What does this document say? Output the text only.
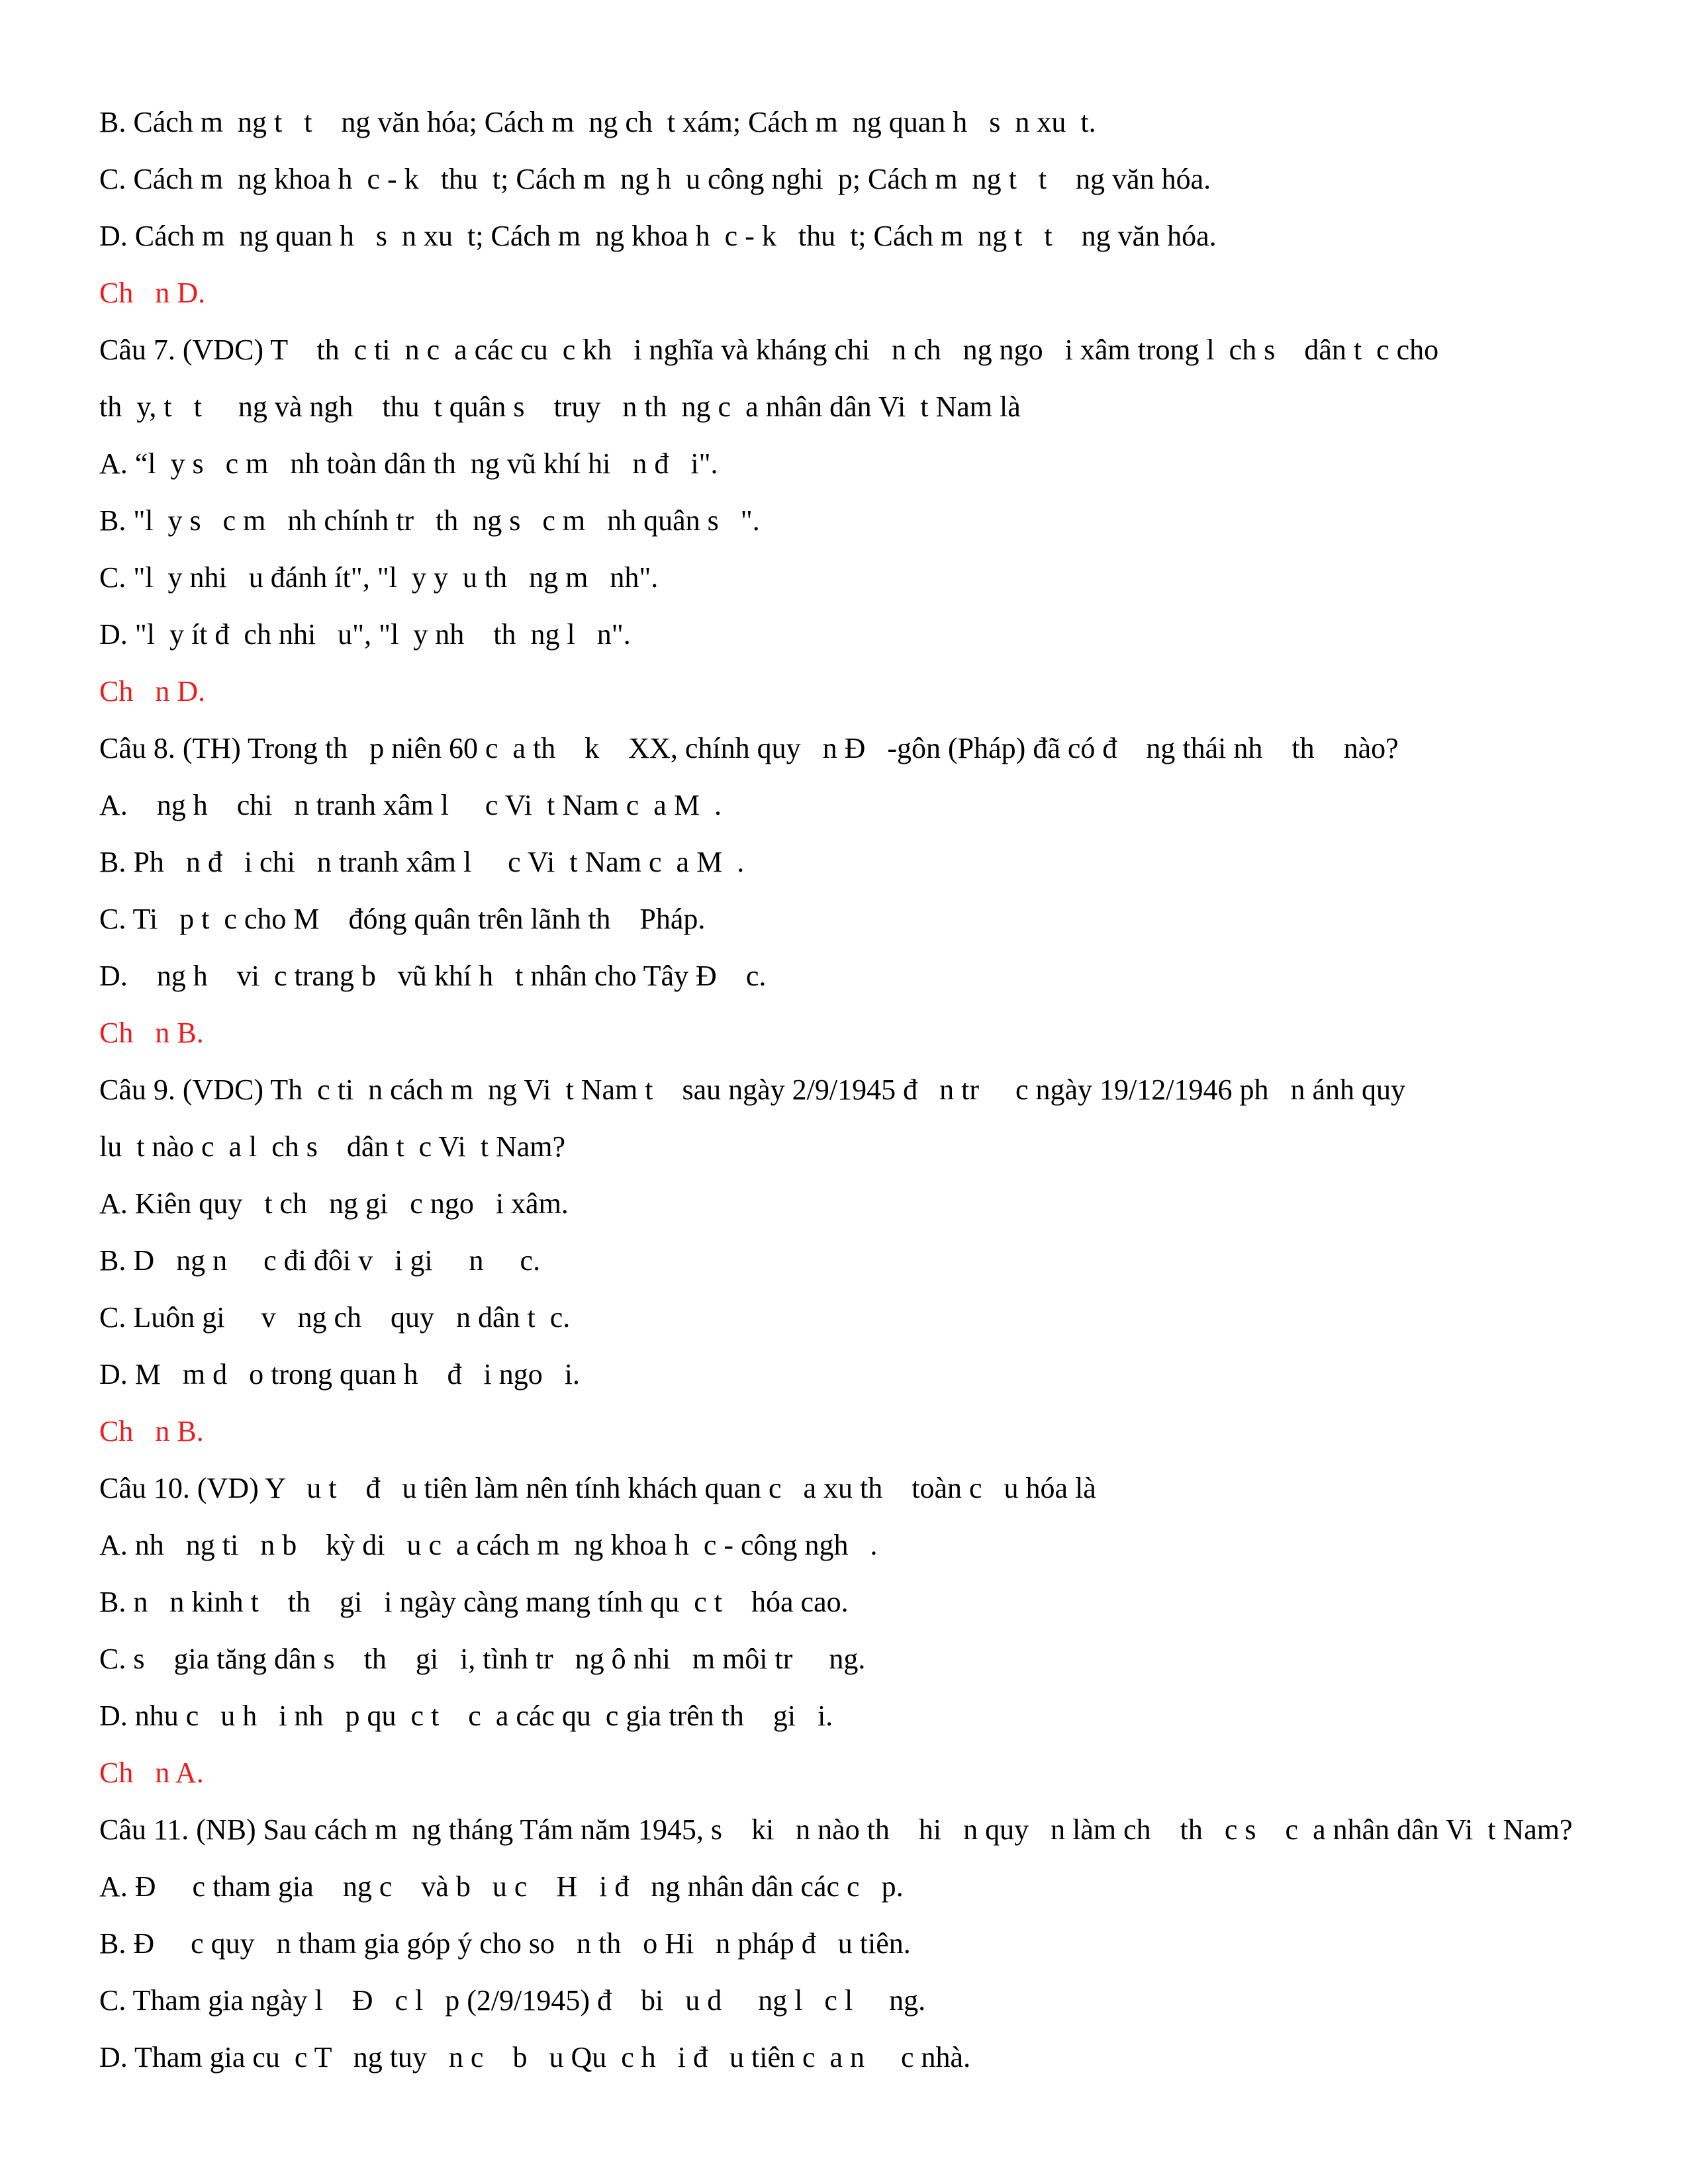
B. Cách m  ng t   t    ng văn hóa; Cách m  ng ch  t xám; Cách m  ng quan h   s  n xu  t.
C. Cách m  ng khoa h  c - k   thu  t; Cách m  ng h  u công nghi  p; Cách m  ng t   t    ng văn hóa.
D. Cách m  ng quan h   s  n xu  t; Cách m  ng khoa h  c - k   thu  t; Cách m  ng t   t    ng văn hóa.
Ch   n D.
Câu 7. (VDC) T    th  c ti  n c  a các cu  c kh   i nghĩa và kháng chi   n ch   ng ngo   i xâm trong l  ch s    dân t  c cho
th  y, t   t     ng và ngh    thu  t quân s    truy   n th  ng c  a nhân dân Vi  t Nam là
A. “l  y s   c m   nh toàn dân th  ng vũ khí hi   n đ   i".
B. "l  y s   c m   nh chính tr   th  ng s   c m   nh quân s   ".
C. "l  y nhi   u đánh ít", "l  y y  u th   ng m   nh".
D. "l  y ít đ  ch nhi   u", "l  y nh    th  ng l   n".
Ch   n D.
Câu 8. (TH) Trong th   p niên 60 c  a th    k    XX, chính quy   n Đ   -gôn (Pháp) đã có đ    ng thái nh    th    nào?
A.    ng h    chi   n tranh xâm l     c Vi  t Nam c  a M  .
B. Ph   n đ   i chi   n tranh xâm l     c Vi  t Nam c  a M  .
C. Ti   p t  c cho M    đóng quân trên lãnh th    Pháp.
D.    ng h    vi  c trang b   vũ khí h   t nhân cho Tây Đ    c.
Ch   n B.
Câu 9. (VDC) Th  c ti  n cách m  ng Vi  t Nam t    sau ngày 2/9/1945 đ   n tr     c ngày 19/12/1946 ph   n ánh quy
lu  t nào c  a l  ch s    dân t  c Vi  t Nam?
A. Kiên quy   t ch   ng gi   c ngo   i xâm.
B. D   ng n     c đi đôi v   i gi     n     c.
C. Luôn gi     v   ng ch    quy   n dân t  c.
D. M   m d   o trong quan h    đ   i ngo   i.
Ch   n B.
Câu 10. (VD) Y   u t    đ   u tiên làm nên tính khách quan c   a xu th    toàn c   u hóa là
A. nh   ng ti   n b    kỳ di   u c  a cách m  ng khoa h  c - công ngh   .
B. n   n kinh t    th    gi   i ngày càng mang tính qu  c t    hóa cao.
C. s    gia tăng dân s    th    gi   i, tình tr   ng ô nhi   m môi tr     ng.
D. nhu c   u h   i nh   p qu  c t    c  a các qu  c gia trên th    gi   i.
Ch   n A.
Câu 11. (NB) Sau cách m  ng tháng Tám năm 1945, s    ki   n nào th    hi   n quy   n làm ch    th   c s    c  a nhân dân Vi  t Nam?
A. Đ     c tham gia    ng c    và b   u c    H   i đ   ng nhân dân các c   p.
B. Đ     c quy   n tham gia góp ý cho so   n th   o Hi   n pháp đ   u tiên.
C. Tham gia ngày l    Đ   c l   p (2/9/1945) đ    bi   u d     ng l   c l     ng.
D. Tham gia cu  c T   ng tuy   n c    b   u Qu  c h   i đ   u tiên c  a n     c nhà.
